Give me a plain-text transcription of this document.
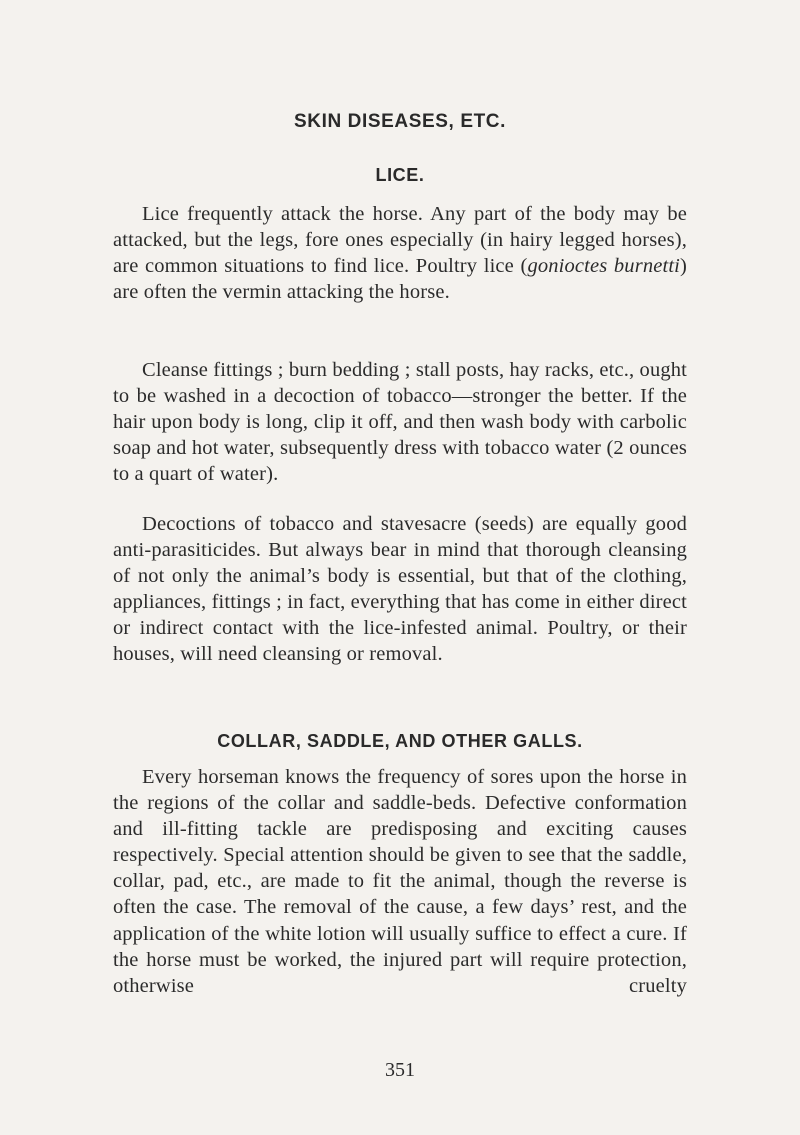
SKIN DISEASES, ETC.
LICE.

Lice frequently attack the horse. Any part of the body may be attacked, but the legs, fore ones especially (in hairy legged horses), are common situations to find lice. Poultry lice (gonioctes burnetti) are often the vermin attacking the horse.

Cleanse fittings ; burn bedding ; stall posts, hay racks, etc., ought to be washed in a decoction of tobacco—stronger the better. If the hair upon body is long, clip it off, and then wash body with carbolic soap and hot water, subsequently dress with tobacco water (2 ounces to a quart of water).

Decoctions of tobacco and stavesacre (seeds) are equally good anti-parasiticides. But always bear in mind that thorough cleansing of not only the animal’s body is essential, but that of the clothing, appliances, fittings ; in fact, everything that has come in either direct or indirect contact with the lice-infested animal. Poultry, or their houses, will need cleansing or removal.

COLLAR, SADDLE, AND OTHER GALLS.

Every horseman knows the frequency of sores upon the horse in the regions of the collar and saddle-beds. Defective conformation and ill-fitting tackle are predisposing and exciting causes respectively. Special attention should be given to see that the saddle, collar, pad, etc., are made to fit the animal, though the reverse is often the case. The removal of the cause, a few days’ rest, and the application of the white lotion will usually suffice to effect a cure. If the horse must be worked, the injured part will require protection, otherwise cruelty

351
